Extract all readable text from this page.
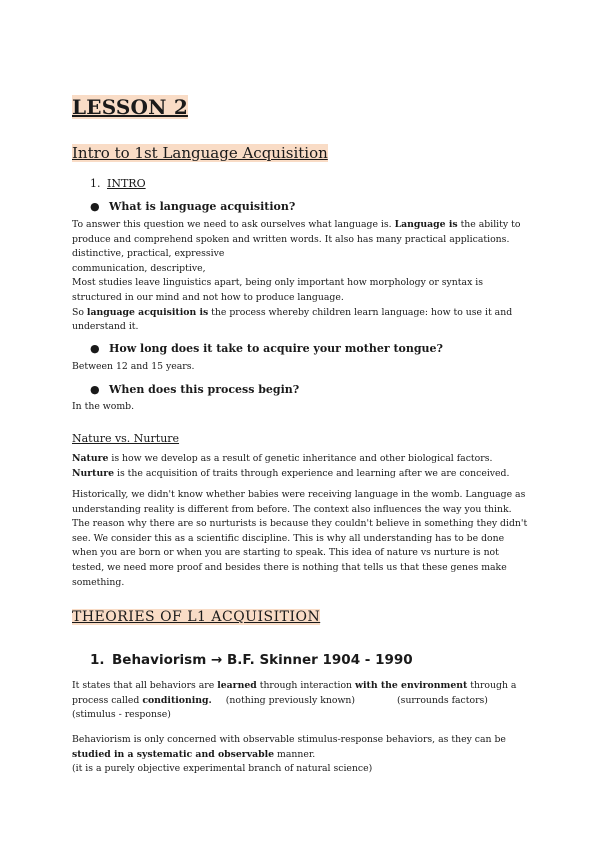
LESSON 2
Intro to 1st Language Acquisition
1. INTRO
● What is language acquisition?

To answer this question we need to ask ourselves what language is. Language is the ability to produce and comprehend spoken and written words. It also has many practical applications.

distinctive, practical, expressive

communication, descriptive,

Most studies leave linguistics apart, being only important how morphology or syntax is structured in our mind and not how to produce language.

So language acquisition is the process whereby children learn language: how to use it and understand it.

● How long does it take to acquire your mother tongue?

Between 12 and 15 years.

● When does this process begin?

In the womb.

Nature vs. Nurture

Nature is how we develop as a result of genetic inheritance and other biological factors.

Nurture is the acquisition of traits through experience and learning after we are conceived.

Historically, we didn't know whether babies were receiving language in the womb. Language as understanding reality is different from before. The context also influences the way you think. The reason why there are so nurturists is because they couldn't believe in something they didn't see. We consider this as a scientific discipline. This is why all understanding has to be done when you are born or when you are starting to speak. This idea of nature vs nurture is not tested, we need more proof and besides there is nothing that tells us that these genes make something.

THEORIES OF L1 ACQUISITION
1. Behaviorism → B.F. Skinner 1904 - 1990

It states that all behaviors are learned through interaction with the environment through a process called conditioning. (nothing previously known)	(surrounds factors)

(stimulus - response)

Behaviorism is only concerned with observable stimulus-response behaviors, as they can be studied in a systematic and observable manner.

(it is a purely objective experimental branch of natural science)
